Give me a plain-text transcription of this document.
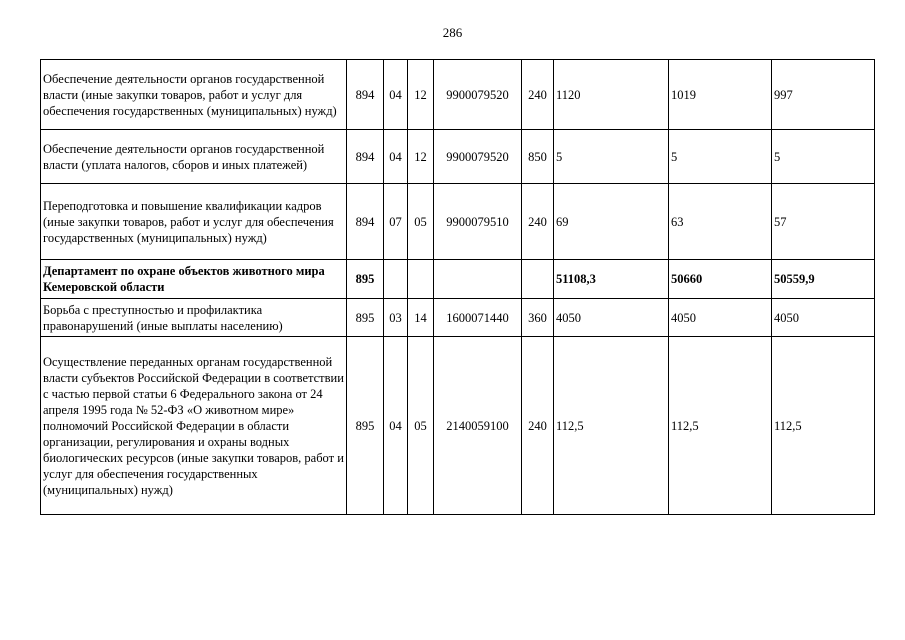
286
Обеспечение деятельности органов государственной власти (иные закупки товаров, работ и услуг для обеспечения государственных (муниципальных) нужд)	894	04	12	9900079520	240	1120	1019	997
Обеспечение деятельности органов государственной власти (уплата налогов, сборов и иных платежей)	894	04	12	9900079520	850	5	5	5
Переподготовка и повышение квалификации кадров (иные закупки товаров, работ и услуг для обеспечения государственных (муниципальных) нужд)	894	07	05	9900079510	240	69	63	57
Департамент по охране объектов животного мира Кемеровской области	895					51108,3	50660	50559,9
Борьба с преступностью и профилактика правонарушений (иные выплаты населению)	895	03	14	1600071440	360	4050	4050	4050
Осуществление переданных органам государственной власти субъектов Российской Федерации в соответствии с частью первой статьи 6 Федерального закона от 24 апреля 1995 года № 52-ФЗ «О животном мире» полномочий Российской Федерации в области организации, регулирования и охраны водных биологических ресурсов (иные закупки товаров, работ и услуг для обеспечения государственных (муниципальных) нужд)	895	04	05	2140059100	240	112,5	112,5	112,5
